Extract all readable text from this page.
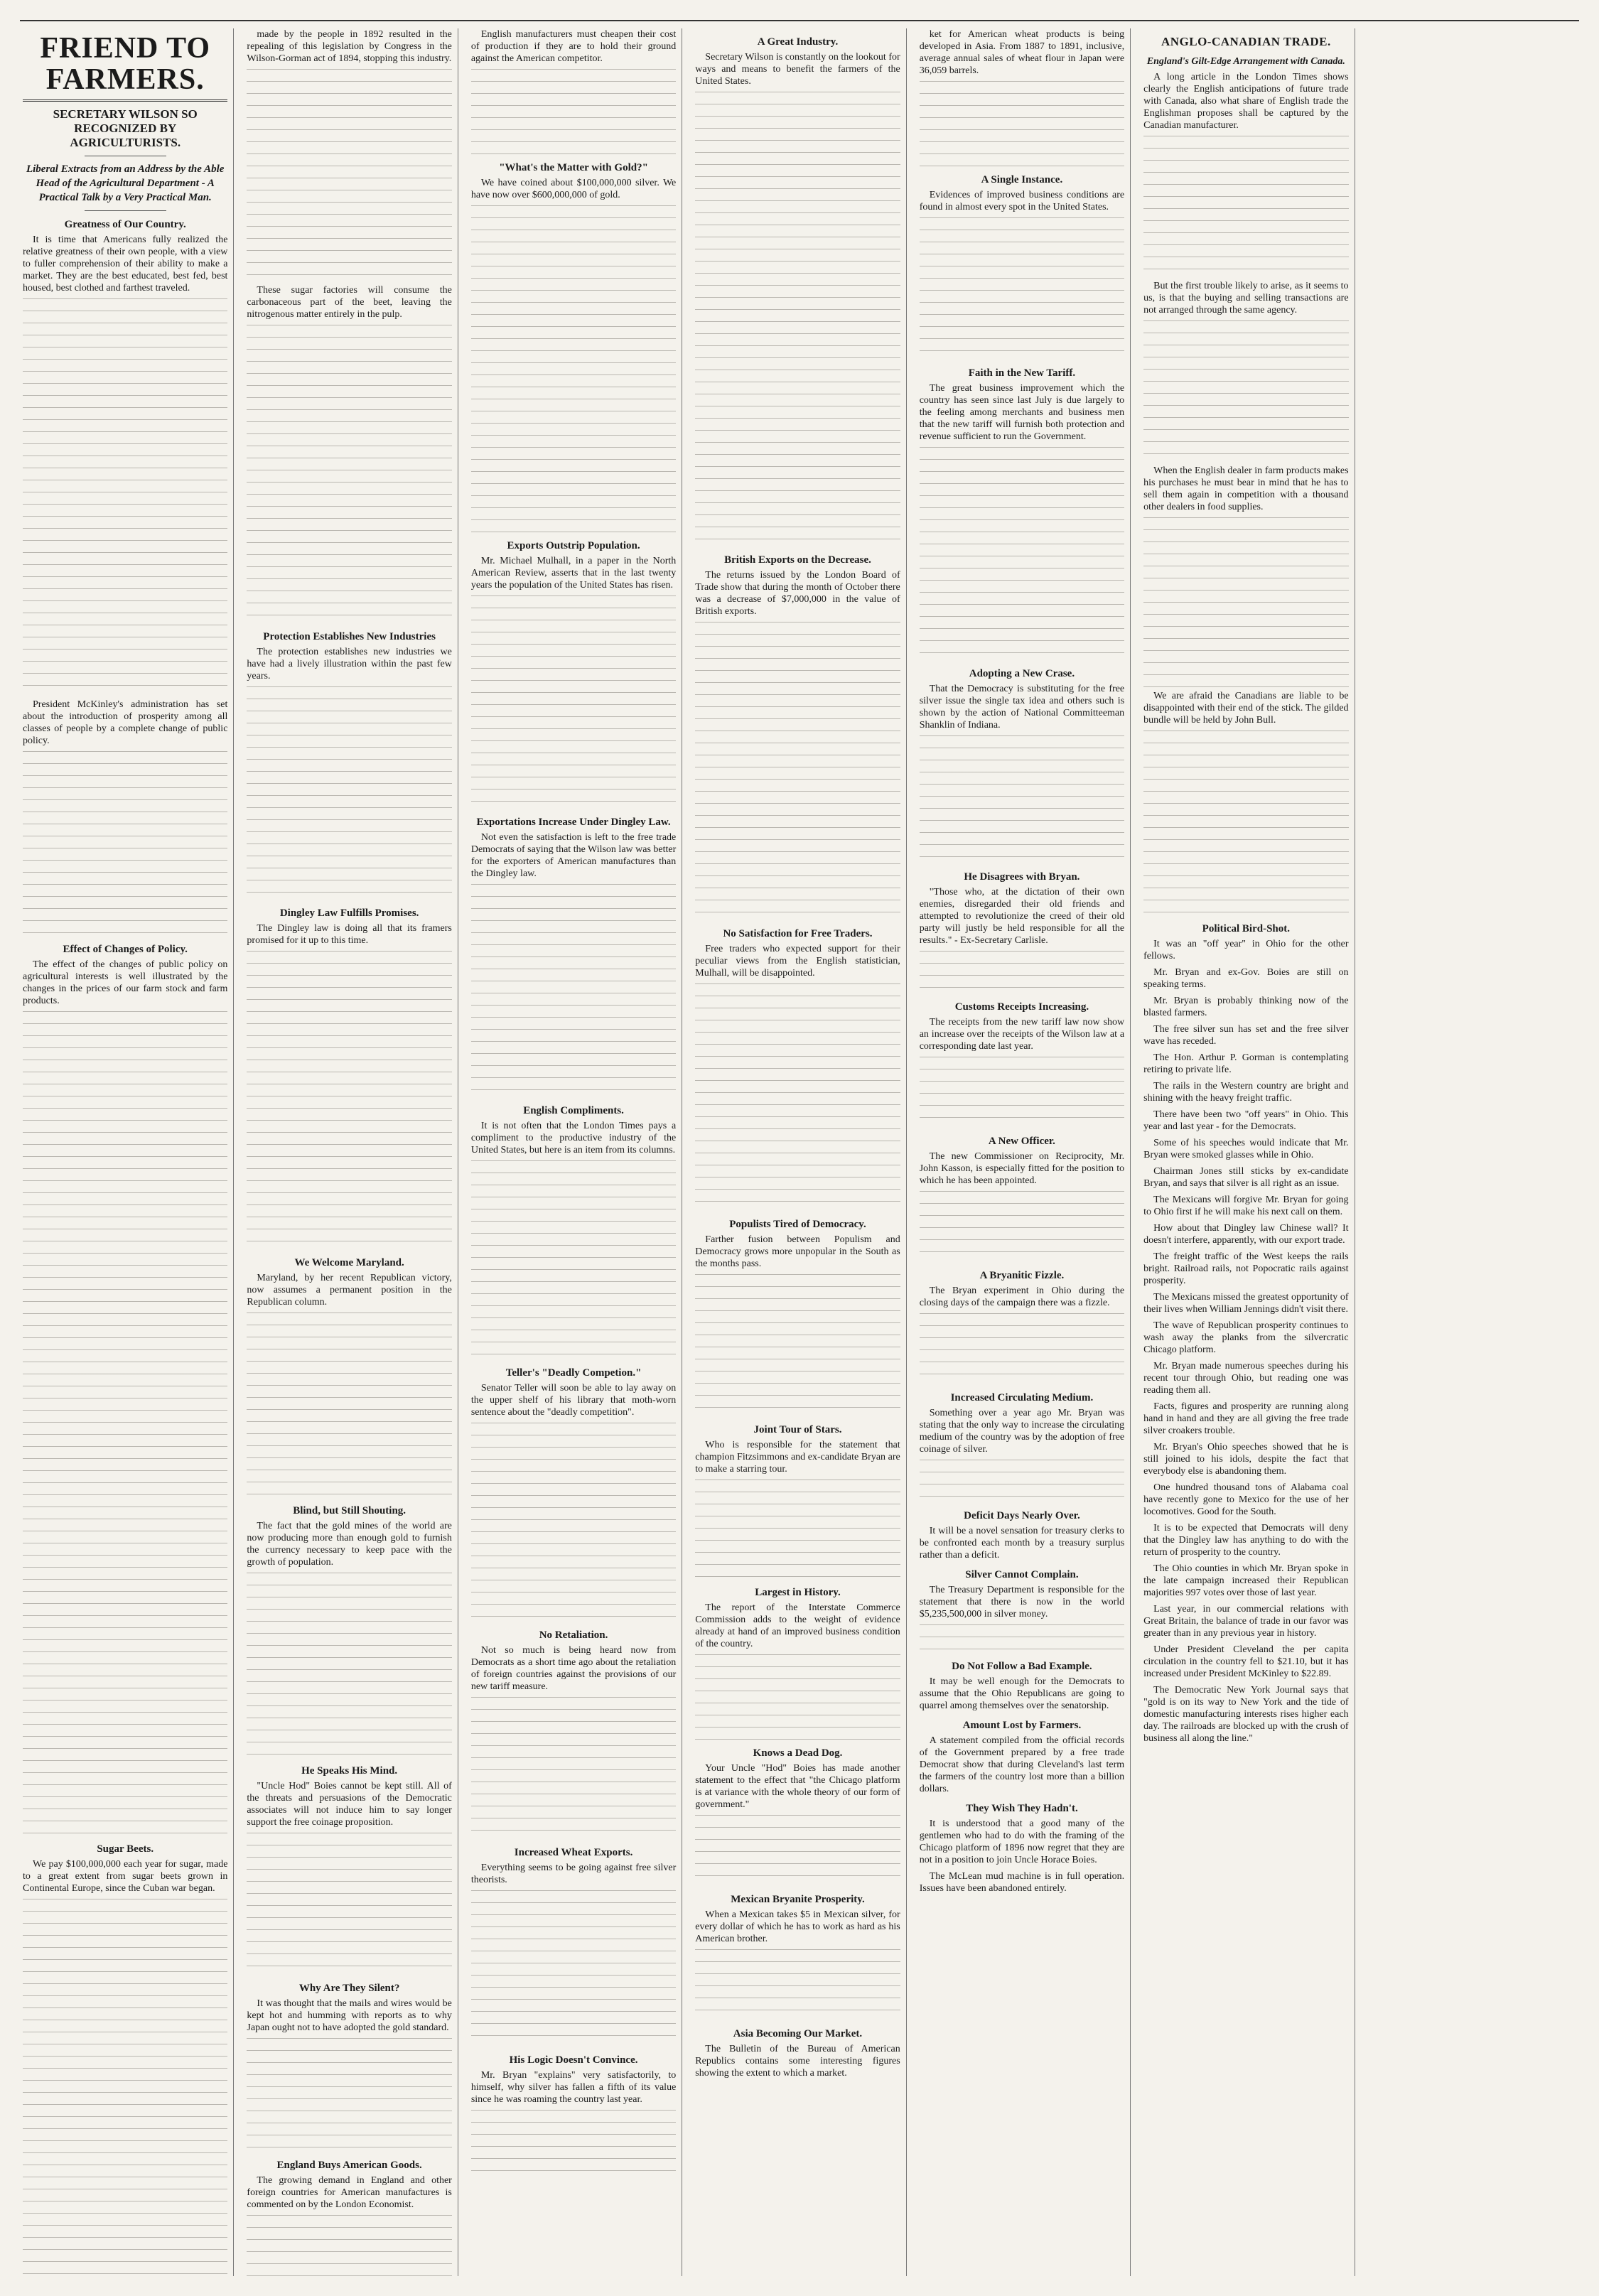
FRIEND TO FARMERS.
SECRETARY WILSON SO RECOGNIZED BY AGRICULTURISTS.
Liberal Extracts from an Address by the Able Head of the Agricultural Department - A Practical Talk by a Very Practical Man.
Greatness of Our Country.

It is time that Americans fully realized the relative greatness of their own people, with a view to fuller comprehension of their ability to make a market. They are the best educated, best fed, best housed, best clothed and farthest traveled.

President McKinley's administration has set about the introduction of prosperity among all classes of people by a complete change of public policy.

Effect of Changes of Policy.

The effect of the changes of public policy on agricultural interests is well illustrated by the changes in the prices of our farm stock and farm products.

Sugar Beets.

We pay $100,000,000 each year for sugar, made to a great extent from sugar beets grown in Continental Europe, since the Cuban war began.

made by the people in 1892 resulted in the repealing of this legislation by Congress in the Wilson-Gorman act of 1894, stopping this industry.

These sugar factories will consume the carbonaceous part of the beet, leaving the nitrogenous matter entirely in the pulp.

Protection Establishes New Industries

The protection establishes new industries we have had a lively illustration within the past few years.

Dingley Law Fulfills Promises.

The Dingley law is doing all that its framers promised for it up to this time.

We Welcome Maryland.

Maryland, by her recent Republican victory, now assumes a permanent position in the Republican column.

Blind, but Still Shouting.

The fact that the gold mines of the world are now producing more than enough gold to furnish the currency necessary to keep pace with the growth of population.

He Speaks His Mind.

"Uncle Hod" Boies cannot be kept still. All of the threats and persuasions of the Democratic associates will not induce him to say longer support the free coinage proposition.

Why Are They Silent?

It was thought that the mails and wires would be kept hot and humming with reports as to why Japan ought not to have adopted the gold standard.

England Buys American Goods.

The growing demand in England and other foreign countries for American manufactures is commented on by the London Economist.

English manufacturers must cheapen their cost of production if they are to hold their ground against the American competitor.

"What's the Matter with Gold?"

We have coined about $100,000,000 silver. We have now over $600,000,000 of gold.

Exports Outstrip Population.

Mr. Michael Mulhall, in a paper in the North American Review, asserts that in the last twenty years the population of the United States has risen.

Exportations Increase Under Dingley Law.

Not even the satisfaction is left to the free trade Democrats of saying that the Wilson law was better for the exporters of American manufactures than the Dingley law.

English Compliments.

It is not often that the London Times pays a compliment to the productive industry of the United States, but here is an item from its columns.

Teller's "Deadly Competion."

Senator Teller will soon be able to lay away on the upper shelf of his library that moth-worn sentence about the "deadly competition".

No Retaliation.

Not so much is being heard now from Democrats as a short time ago about the retaliation of foreign countries against the provisions of our new tariff measure.

Increased Wheat Exports.

Everything seems to be going against free silver theorists.

His Logic Doesn't Convince.

Mr. Bryan "explains" very satisfactorily, to himself, why silver has fallen a fifth of its value since he was roaming the country last year.

A Great Industry.

Secretary Wilson is constantly on the lookout for ways and means to benefit the farmers of the United States.

British Exports on the Decrease.

The returns issued by the London Board of Trade show that during the month of October there was a decrease of $7,000,000 in the value of British exports.

No Satisfaction for Free Traders.

Free traders who expected support for their peculiar views from the English statistician, Mulhall, will be disappointed.

Populists Tired of Democracy.

Farther fusion between Populism and Democracy grows more unpopular in the South as the months pass.

Joint Tour of Stars.

Who is responsible for the statement that champion Fitzsimmons and ex-candidate Bryan are to make a starring tour.

Largest in History.

The report of the Interstate Commerce Commission adds to the weight of evidence already at hand of an improved business condition of the country.

Knows a Dead Dog.

Your Uncle "Hod" Boies has made another statement to the effect that "the Chicago platform is at variance with the whole theory of our form of government."

Mexican Bryanite Prosperity.

When a Mexican takes $5 in Mexican silver, for every dollar of which he has to work as hard as his American brother.

Asia Becoming Our Market.

The Bulletin of the Bureau of American Republics contains some interesting figures showing the extent to which a market.

ket for American wheat products is being developed in Asia. From 1887 to 1891, inclusive, average annual sales of wheat flour in Japan were 36,059 barrels.

A Single Instance.

Evidences of improved business conditions are found in almost every spot in the United States.

Faith in the New Tariff.

The great business improvement which the country has seen since last July is due largely to the feeling among merchants and business men that the new tariff will furnish both protection and revenue sufficient to run the Government.

Adopting a New Crase.

That the Democracy is substituting for the free silver issue the single tax idea and others such is shown by the action of National Committeeman Shanklin of Indiana.

He Disagrees with Bryan.

"Those who, at the dictation of their own enemies, disregarded their old friends and attempted to revolutionize the creed of their old party will justly be held responsible for all the results." - Ex-Secretary Carlisle.

Customs Receipts Increasing.

The receipts from the new tariff law now show an increase over the receipts of the Wilson law at a corresponding date last year.

A New Officer.

The new Commissioner on Reciprocity, Mr. John Kasson, is especially fitted for the position to which he has been appointed.

A Bryanitic Fizzle.

The Bryan experiment in Ohio during the closing days of the campaign there was a fizzle.

Increased Circulating Medium.

Something over a year ago Mr. Bryan was stating that the only way to increase the circulating medium of the country was by the adoption of free coinage of silver.

Deficit Days Nearly Over.

It will be a novel sensation for treasury clerks to be confronted each month by a treasury surplus rather than a deficit.

Silver Cannot Complain.

The Treasury Department is responsible for the statement that there is now in the world $5,235,500,000 in silver money.

Do Not Follow a Bad Example.

It may be well enough for the Democrats to assume that the Ohio Republicans are going to quarrel among themselves over the senatorship.

Amount Lost by Farmers.

A statement compiled from the official records of the Government prepared by a free trade Democrat show that during Cleveland's last term the farmers of the country lost more than a billion dollars.

They Wish They Hadn't.

It is understood that a good many of the gentlemen who had to do with the framing of the Chicago platform of 1896 now regret that they are not in a position to join Uncle Horace Boies.

The McLean mud machine is in full operation. Issues have been abandoned entirely.

ANGLO-CANADIAN TRADE.
England's Gilt-Edge Arrangement with Canada.

A long article in the London Times shows clearly the English anticipations of future trade with Canada, also what share of English trade the Englishman proposes shall be captured by the Canadian manufacturer.

But the first trouble likely to arise, as it seems to us, is that the buying and selling transactions are not arranged through the same agency.

When the English dealer in farm products makes his purchases he must bear in mind that he has to sell them again in competition with a thousand other dealers in food supplies.

We are afraid the Canadians are liable to be disappointed with their end of the stick. The gilded bundle will be held by John Bull.

Political Bird-Shot.

It was an "off year" in Ohio for the other fellows.

Mr. Bryan and ex-Gov. Boies are still on speaking terms.

Mr. Bryan is probably thinking now of the blasted farmers.

The free silver sun has set and the free silver wave has receded.

The Hon. Arthur P. Gorman is contemplating retiring to private life.

The rails in the Western country are bright and shining with the heavy freight traffic.

There have been two "off years" in Ohio. This year and last year - for the Democrats.

Some of his speeches would indicate that Mr. Bryan were smoked glasses while in Ohio.

Chairman Jones still sticks by ex-candidate Bryan, and says that silver is all right as an issue.

The Mexicans will forgive Mr. Bryan for going to Ohio first if he will make his next call on them.

How about that Dingley law Chinese wall? It doesn't interfere, apparently, with our export trade.

The freight traffic of the West keeps the rails bright. Railroad rails, not Popocratic rails against prosperity.

The Mexicans missed the greatest opportunity of their lives when William Jennings didn't visit there.

The wave of Republican prosperity continues to wash away the planks from the silvercratic Chicago platform.

Mr. Bryan made numerous speeches during his recent tour through Ohio, but reading one was reading them all.

Facts, figures and prosperity are running along hand in hand and they are all giving the free trade silver croakers trouble.

Mr. Bryan's Ohio speeches showed that he is still joined to his idols, despite the fact that everybody else is abandoning them.

One hundred thousand tons of Alabama coal have recently gone to Mexico for the use of her locomotives. Good for the South.

It is to be expected that Democrats will deny that the Dingley law has anything to do with the return of prosperity to the country.

The Ohio counties in which Mr. Bryan spoke in the late campaign increased their Republican majorities 997 votes over those of last year.

Last year, in our commercial relations with Great Britain, the balance of trade in our favor was greater than in any previous year in history.

Under President Cleveland the per capita circulation in the country fell to $21.10, but it has increased under President McKinley to $22.89.

The Democratic New York Journal says that "gold is on its way to New York and the tide of domestic manufacturing interests rises higher each day. The railroads are blocked up with the crush of business all along the line."
